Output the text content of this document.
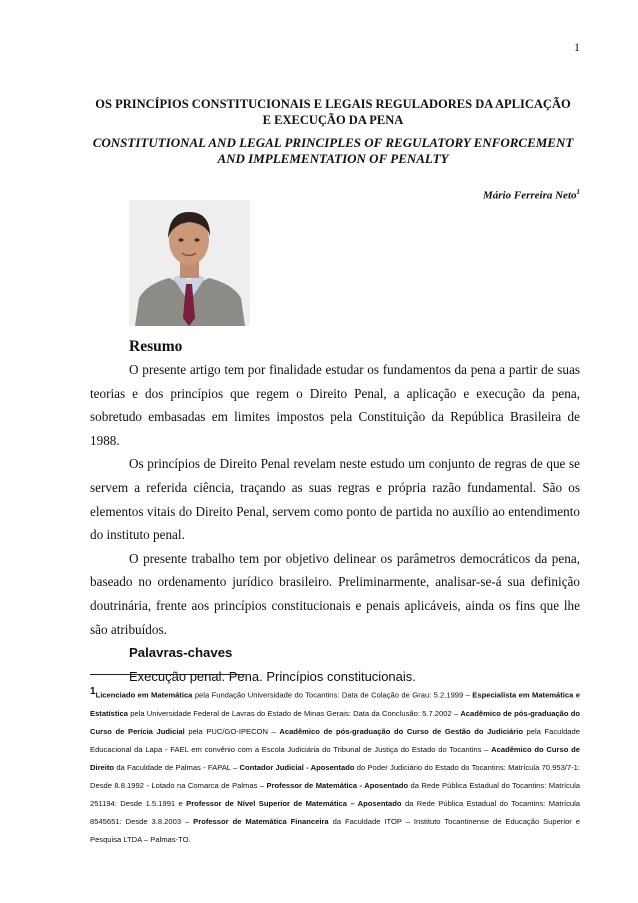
1
OS PRINCÍPIOS CONSTITUCIONAIS E LEGAIS REGULADORES DA APLICAÇÃO E EXECUÇÃO DA PENA
CONSTITUTIONAL AND LEGAL PRINCIPLES OF REGULATORY ENFORCEMENT AND IMPLEMENTATION OF PENALTY
Mário Ferreira Neto$^1$
Resumo

O presente artigo tem por finalidade estudar os fundamentos da pena a partir de suas teorias e dos princípios que regem o Direito Penal, a aplicação e execução da pena, sobretudo embasadas em limites impostos pela Constituição da República Brasileira de 1988.

Os princípios de Direito Penal revelam neste estudo um conjunto de regras de que se servem a referida ciência, traçando as suas regras e própria razão fundamental. São os elementos vitais do Direito Penal, servem como ponto de partida no auxílio ao entendimento do instituto penal.

O presente trabalho tem por objetivo delinear os parâmetros democráticos da pena, baseado no ordenamento jurídico brasileiro. Preliminarmente, analisar-se-á sua definição doutrinária, frente aos princípios constitucionais e penais aplicáveis, ainda os fins que lhe são atribuídos.

Palavras-chaves
Execução penal. Pena. Princípios constitucionais.
$^1$Licenciado em Matemática pela Fundação Universidade do Tocantins: Data de Colação de Grau: 5.2.1999 – Especialista em Matemática e Estatística pela Universidade Federal de Lavras do Estado de Minas Gerais: Data da Conclusão: 5.7.2002 – Acadêmico de pós-graduação do Curso de Perícia Judicial pela PUC/GO-IPECON – Acadêmico de pós-graduação do Curso de Gestão do Judiciário pela Faculdade Educacional da Lapa - FAEL em convênio com a Escola Judiciária do Tribunal de Justiça do Estado do Tocantins – Acadêmico do Curso de Direito da Faculdade de Palmas - FAPAL – Contador Judicial - Aposentado do Poder Judiciário do Estado do Tocantins: Matrícula 70.953/7-1: Desde 8.8.1992 - Lotado na Comarca de Palmas – Professor de Matemática - Aposentado da Rede Pública Estadual do Tocantins: Matrícula 251194: Desde 1.5.1991 e Professor de Nível Superior de Matemática – Aposentado da Rede Pública Estadual do Tocantins: Matrícula 8545651: Desde 3.8.2003 – Professor de Matemática Financeira da Faculdade ITOP – Instituto Tocantinense de Educação Superior e Pesquisa LTDA – Palmas-TO.
